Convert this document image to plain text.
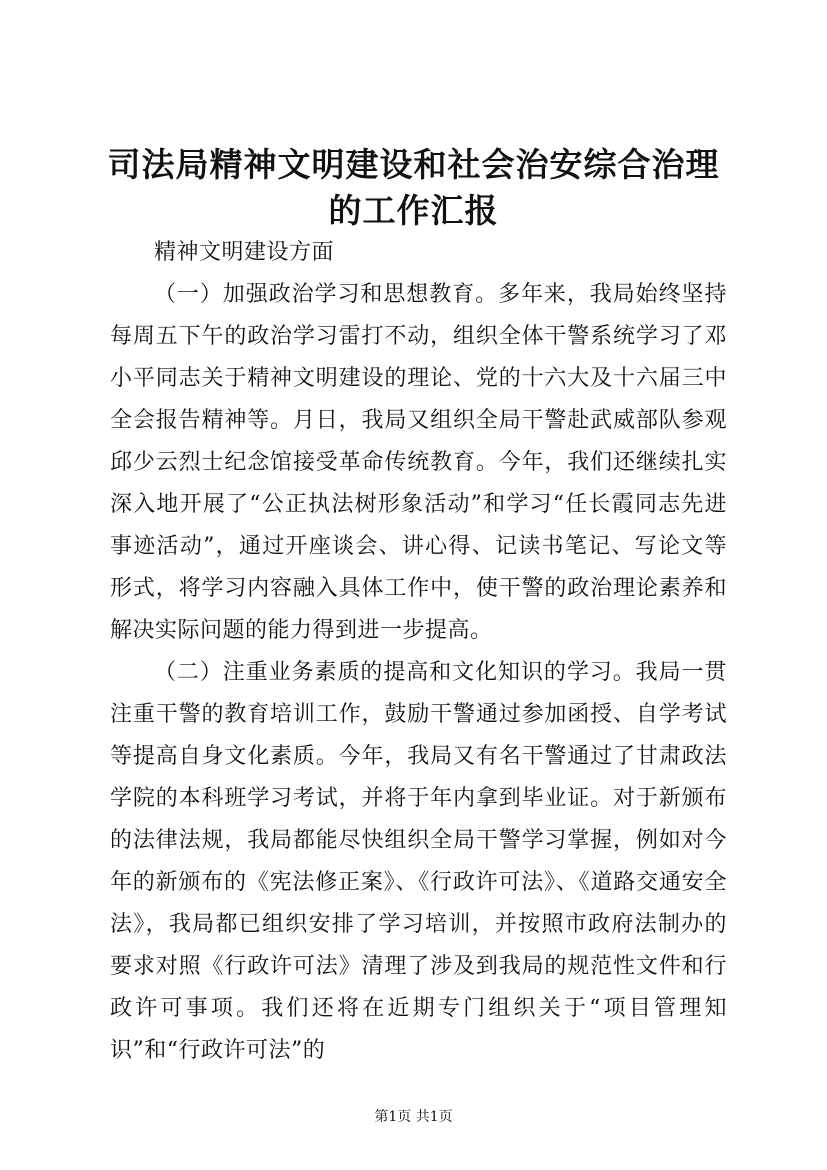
司法局精神文明建设和社会治安综合治理的工作汇报

精神文明建设方面

（一）加强政治学习和思想教育。多年来，我局始终坚持每周五下午的政治学习雷打不动，组织全体干警系统学习了邓小平同志关于精神文明建设的理论、党的十六大及十六届三中全会报告精神等。月日，我局又组织全局干警赴武威部队参观邱少云烈士纪念馆接受革命传统教育。今年，我们还继续扎实深入地开展了“公正执法树形象活动”和学习“任长霞同志先进事迹活动”，通过开座谈会、讲心得、记读书笔记、写论文等形式，将学习内容融入具体工作中，使干警的政治理论素养和解决实际问题的能力得到进一步提高。

（二）注重业务素质的提高和文化知识的学习。我局一贯注重干警的教育培训工作，鼓励干警通过参加函授、自学考试等提高自身文化素质。今年，我局又有名干警通过了甘肃政法学院的本科班学习考试，并将于年内拿到毕业证。对于新颁布的法律法规，我局都能尽快组织全局干警学习掌握，例如对今年的新颁布的《宪法修正案》、《行政许可法》、《道路交通安全法》，我局都已组织安排了学习培训，并按照市政府法制办的要求对照《行政许可法》清理了涉及到我局的规范性文件和行政许可事项。我们还将在近期专门组织关于“项目管理知识”和“行政许可法”的

第1页 共1页
